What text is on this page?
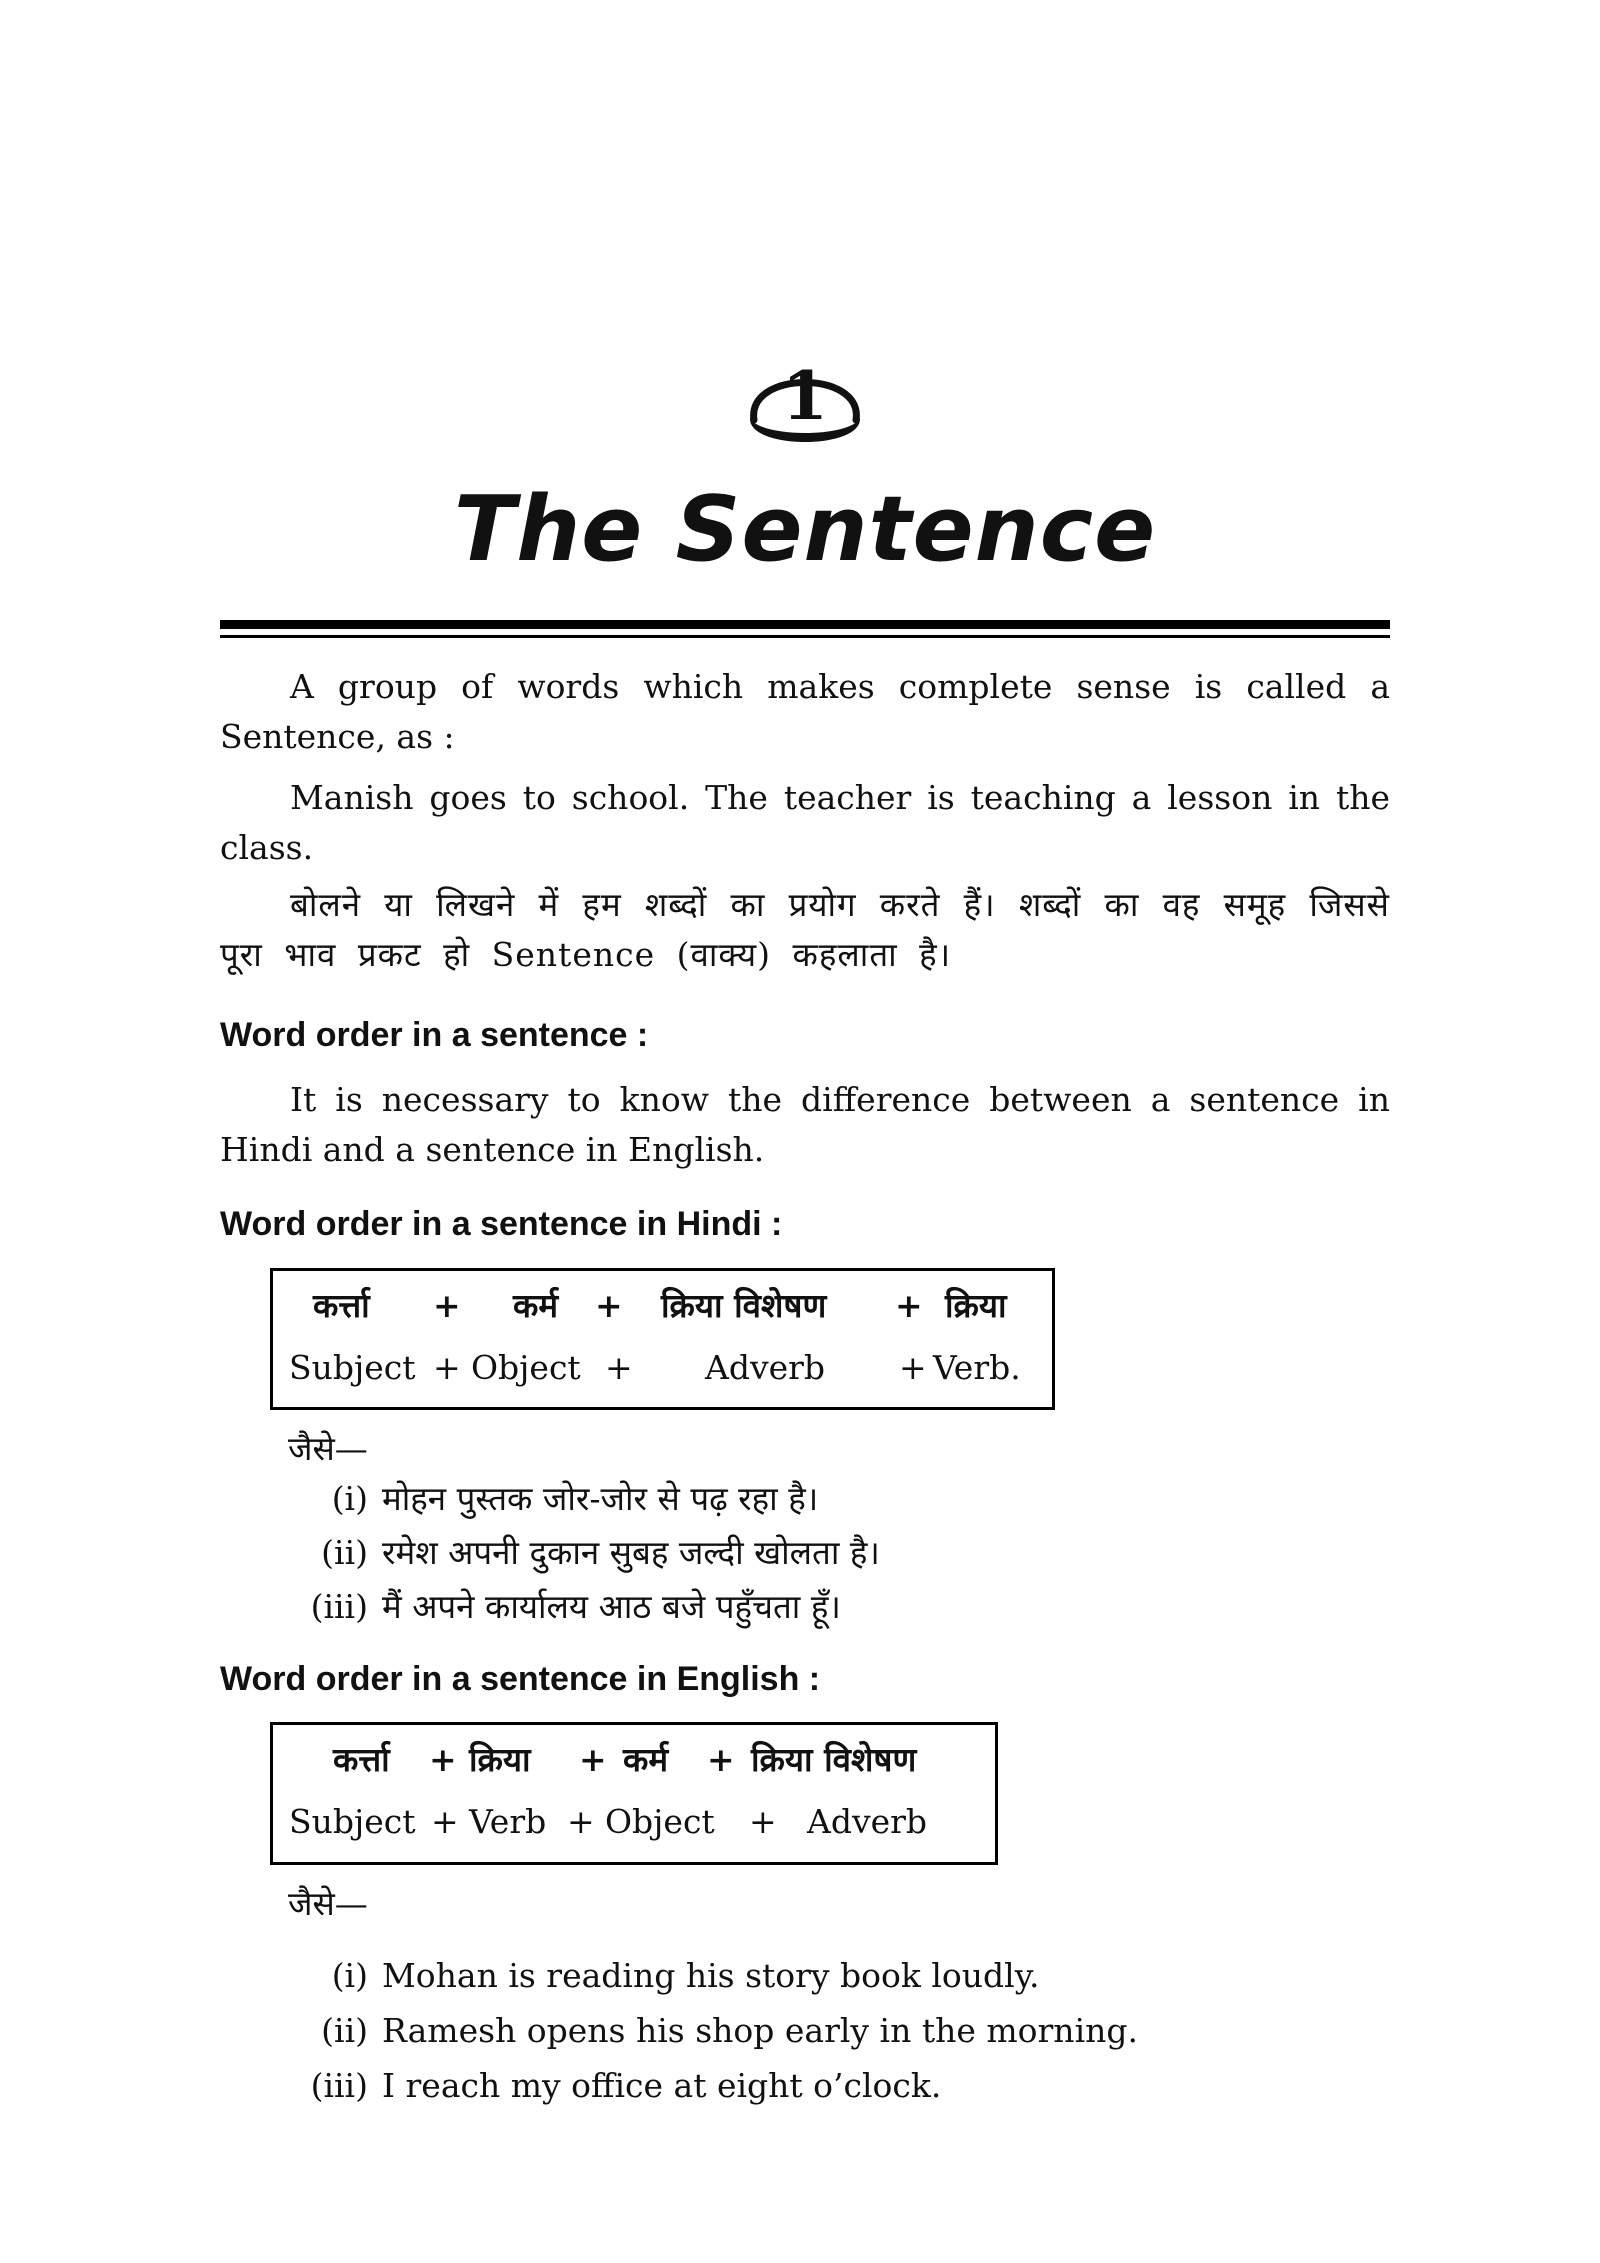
1
The Sentence

A group of words which makes complete sense is called a Sentence, as :

Manish goes to school. The teacher is teaching a lesson in the class.

बोलने या लिखने में हम शब्दों का प्रयोग करते हैं। शब्दों का वह समूह जिससे पूरा भाव प्रकट हो Sentence (वाक्य) कहलाता है।

Word order in a sentence :

It is necessary to know the difference between a sentence in Hindi and a sentence in English.

Word order in a sentence in Hindi :
कर्त्ता + कर्म + क्रिया विशेषण + क्रिया
Subject + Object + Adverb + Verb.
जैसे—
(i) मोहन पुस्तक जोर-जोर से पढ़ रहा है।
(ii) रमेश अपनी दुकान सुबह जल्दी खोलता है।
(iii) मैं अपने कार्यालय आठ बजे पहुँचता हूँ।
Word order in a sentence in English :
कर्त्ता + क्रिया + कर्म + क्रिया विशेषण
Subject + Verb + Object + Adverb
जैसे—
(i) Mohan is reading his story book loudly.
(ii) Ramesh opens his shop early in the morning.
(iii) I reach my office at eight o’clock.
